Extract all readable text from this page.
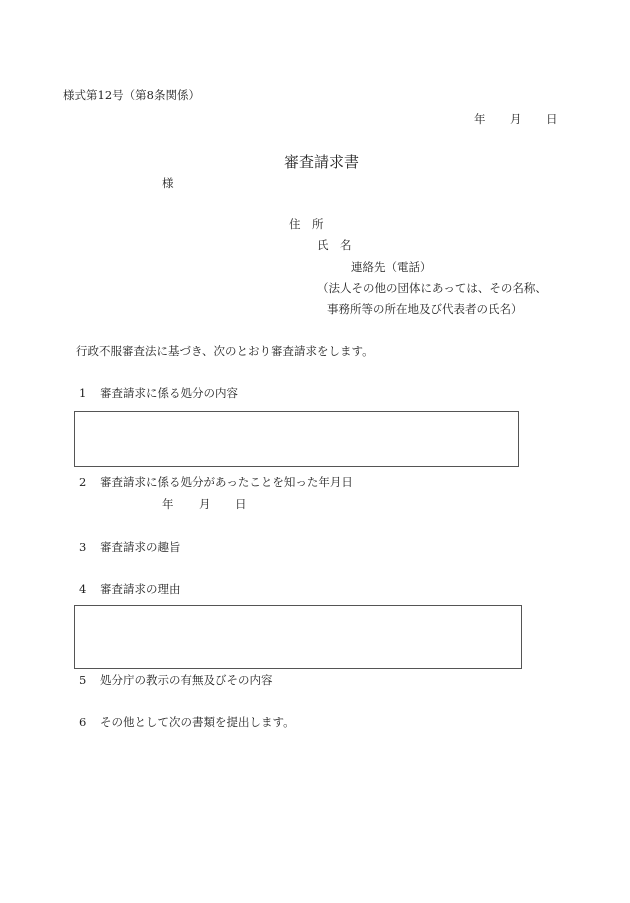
様式第12号（第8条関係）
年 月 日
審査請求書
様
住　所
氏　名
連絡先（電話）
（法人その他の団体にあっては、その名称、
事務所等の所在地及び代表者の氏名）
行政不服審査法に基づき、次のとおり審査請求をします。
1 審査請求に係る処分の内容
2 審査請求に係る処分があったことを知った年月日
年 月 日
3 審査請求の趣旨
4 審査請求の理由
5 処分庁の教示の有無及びその内容
6 その他として次の書類を提出します。
